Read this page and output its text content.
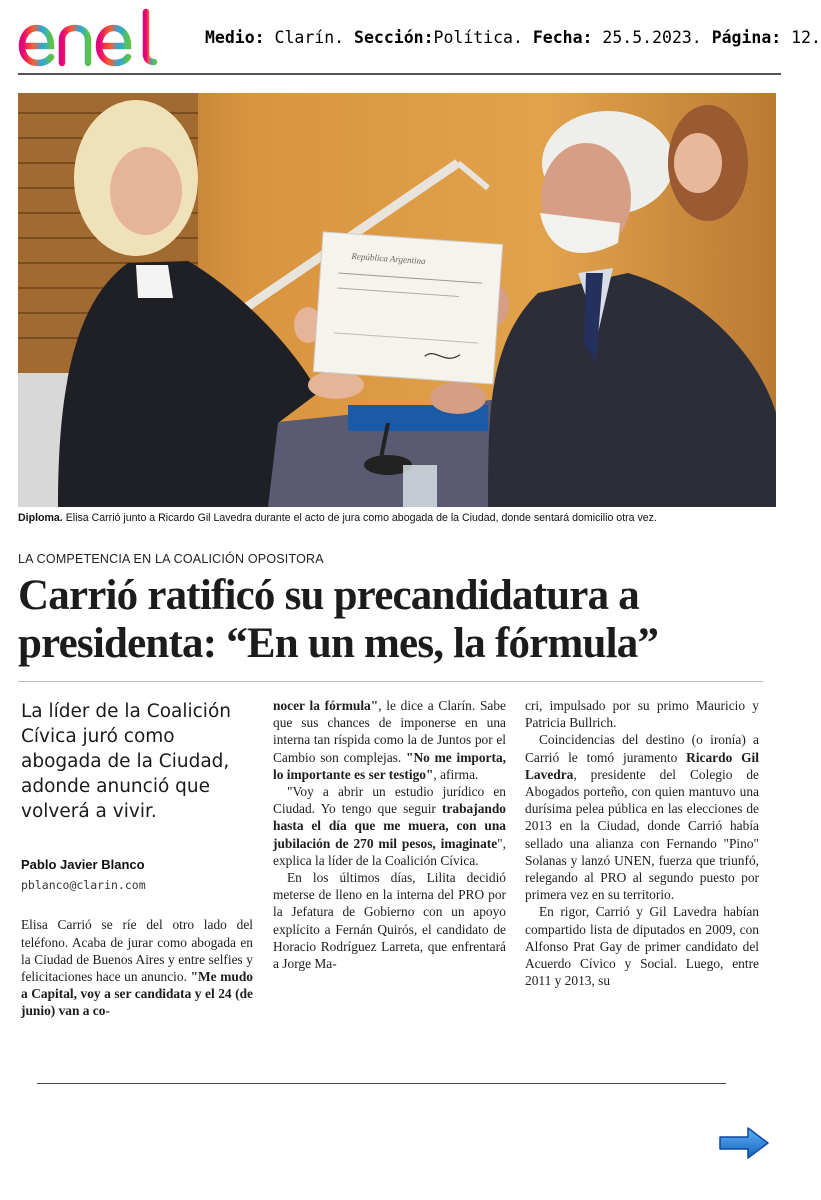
Medio: Clarín. Sección:Política. Fecha: 25.5.2023. Página: 12.
República Argentina
Diploma. Elisa Carrió junto a Ricardo Gil Lavedra durante el acto de jura como abogada de la Ciudad, donde sentará domicilio otra vez.
LA COMPETENCIA EN LA COALICIÓN OPOSITORA
Carrió ratificó su precandidatura a
presidenta: “En un mes, la fórmula”
La líder de la Coalición Cívica juró como abogada de la Ciudad, adonde anunció que volverá a vivir.
Pablo Javier Blanco
pblanco@clarin.com

Elisa Carrió se ríe del otro lado del teléfono. Acaba de jurar como abogada en la Ciudad de Buenos Aires y entre selfies y felicitaciones hace un anuncio. "Me mudo a Capital, voy a ser candidata y el 24 (de junio) van a co-

nocer la fórmula", le dice a Clarín. Sabe que sus chances de imponerse en una interna tan ríspida como la de Juntos por el Cambio son complejas. "No me importa, lo importante es ser testigo", afirma.

"Voy a abrir un estudio jurídico en Ciudad. Yo tengo que seguir trabajando hasta el día que me muera, con una jubilación de 270 mil pesos, imaginate", explica la líder de la Coalición Cívica.

En los últimos días, Lilita decidió meterse de lleno en la interna del PRO por la Jefatura de Gobierno con un apoyo explícito a Fernán Quirós, el candidato de Horacio Rodríguez Larreta, que enfrentará a Jorge Ma-

cri, impulsado por su primo Mauricio y Patricia Bullrich.

Coincidencias del destino (o ironía) a Carrió le tomó juramento Ricardo Gil Lavedra, presidente del Colegio de Abogados porteño, con quien mantuvo una durísima pelea pública en las elecciones de 2013 en la Ciudad, donde Carrió había sellado una alianza con Fernando "Pino" Solanas y lanzó UNEN, fuerza que triunfó, relegando al PRO al segundo puesto por primera vez en su territorio.

En rigor, Carrió y Gil Lavedra habían compartido lista de diputados en 2009, con Alfonso Prat Gay de primer candidato del Acuerdo Cívico y Social. Luego, entre 2011 y 2013, su
